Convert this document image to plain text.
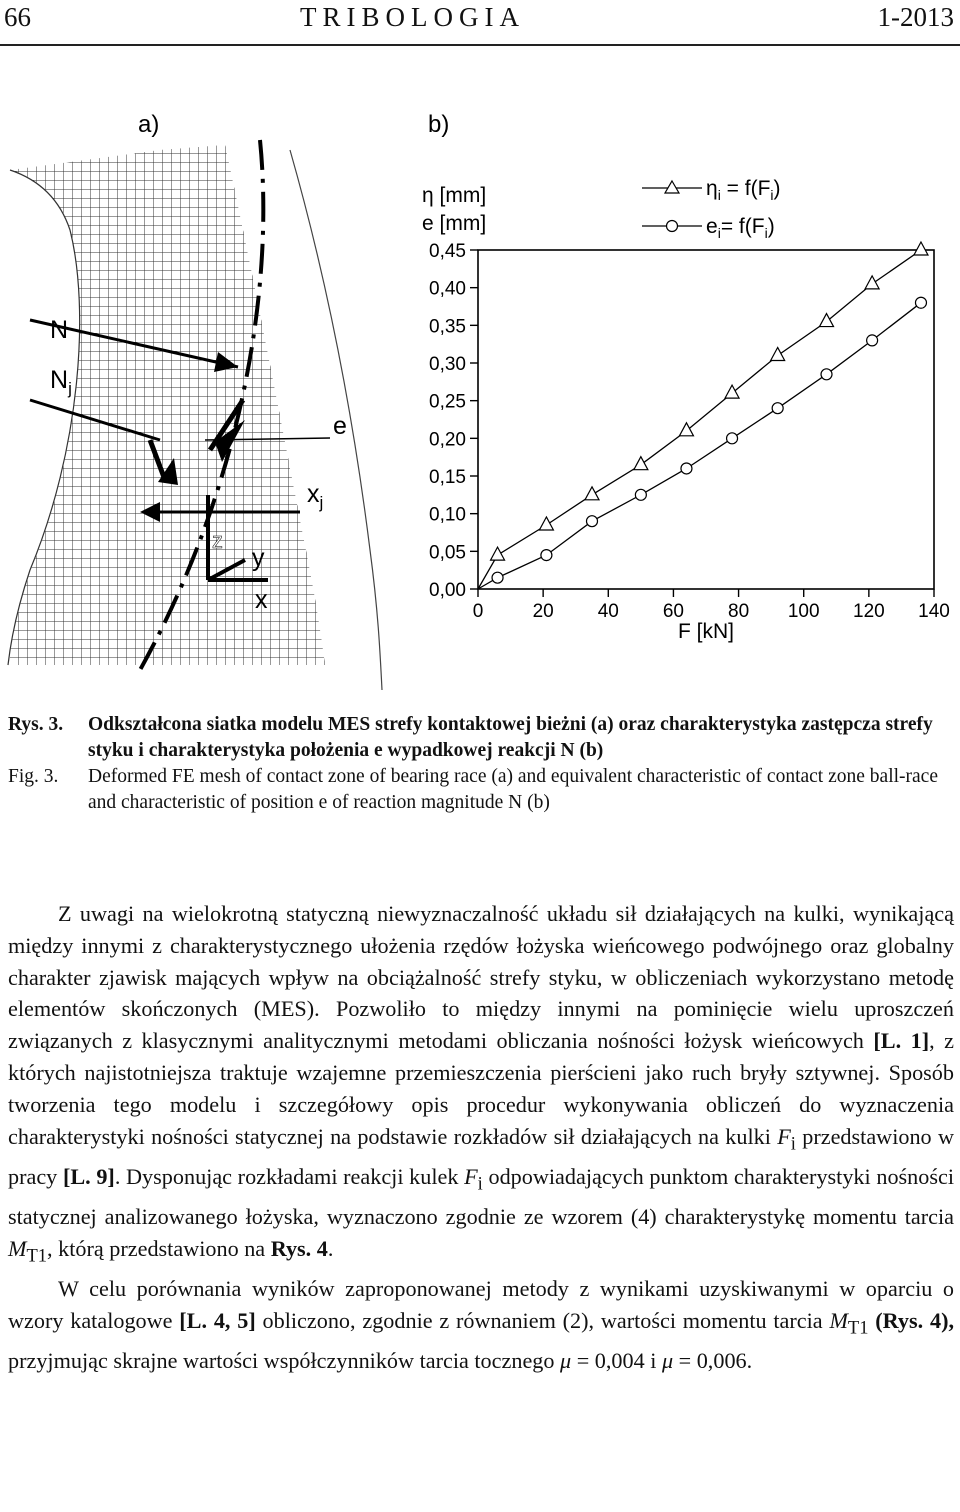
66	TRIBOLOGIA	1-2013
a)
N
$N_j$
e
$x_j$
z
y
x
b)
η [mm]
e [mm]
0,00
0,05
0,10
0,15
0,20
0,25
0,30
0,35
0,40
0,45
0	20 40 60 80 100 120 140
F [kN]
$\eta_i = f(F_i)$
$e_i= f(F_i)$
Rys. 3. Odkształcona siatka modelu MES strefy kontaktowej bieżni (a) oraz charakterystyka zastępcza strefy styku i charakterystyka położenia e wypadkowej reakcji N (b)
Fig. 3. Deformed FE mesh of contact zone of bearing race (a) and equivalent characteristic of contact zone ball-race and characteristic of position e of reaction magnitude N (b)

Z uwagi na wielokrotną statyczną niewyznaczalność układu sił działających na kulki, wynikającą między innymi z charakterystycznego ułożenia rzędów łożyska wieńcowego podwójnego oraz globalny charakter zjawisk mających wpływ na obciążalność strefy styku, w obliczeniach wykorzystano metodę elementów skończonych (MES). Pozwoliło to między innymi na pominięcie wielu uproszczeń związanych z klasycznymi analitycznymi metodami obliczania nośności łożysk wieńcowych [L. 1], z których najistotniejsza traktuje wzajemne przemieszczenia pierścieni jako ruch bryły sztywnej. Sposób tworzenia tego modelu i szczegółowy opis procedur wykonywania obliczeń do wyznaczenia charakterystyki nośności statycznej na podstawie rozkładów sił działających na kulki $F_i$ przedstawiono w pracy [L. 9]. Dysponując rozkładami reakcji kulek $F_i$ odpowiadających punktom charakterystyki nośności statycznej analizowanego łożyska, wyznaczono zgodnie ze wzorem (4) charakterystykę momentu tarcia $M_{T1}$, którą przedstawiono na Rys. 4.

W celu porównania wyników zaproponowanej metody z wynikami uzyskiwanymi w oparciu o wzory katalogowe [L. 4, 5] obliczono, zgodnie z równaniem (2), wartości momentu tarcia $M_{T1}$ (Rys. 4), przyjmując skrajne wartości współczynników tarcia tocznego μ = 0,004 i μ = 0,006.
